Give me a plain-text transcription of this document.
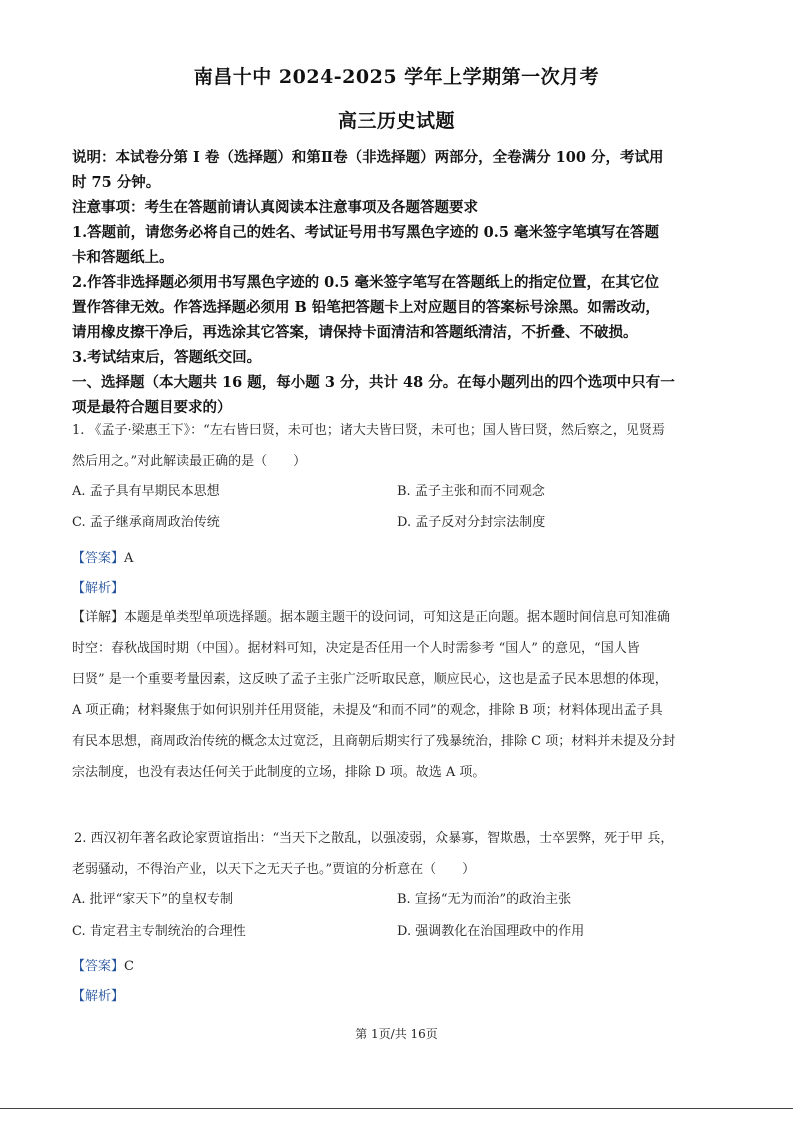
南昌十中 2024-2025 学年上学期第一次月考
高三历史试题
说明：本试卷分第 I 卷（选择题）和第Ⅱ卷（非选择题）两部分，全卷满分 100 分，考试用
时 75 分钟。
注意事项：考生在答题前请认真阅读本注意事项及各题答题要求
1.答题前，请您务必将自己的姓名、考试证号用书写黑色字迹的 0.5 毫米签字笔填写在答题
卡和答题纸上。
2.作答非选择题必须用书写黑色字迹的 0.5 毫米签字笔写在答题纸上的指定位置，在其它位
置作答律无效。作答选择题必须用 B 铅笔把答题卡上对应题目的答案标号涂黑。如需改动，
请用橡皮擦干净后，再选涂其它答案，请保持卡面清洁和答题纸清洁，不折叠、不破损。
3.考试结束后，答题纸交回。
一、选择题（本大题共 16 题，每小题 3 分，共计 48 分。在每小题列出的四个选项中只有一
项是最符合题目要求的）
1. 《孟子·梁惠王下》：“左右皆曰贤，未可也；诸大夫皆曰贤，未可也；国人皆曰贤，然后察之，见贤焉
然后用之。”对此解读最正确的是（　　）
A. 孟子具有早期民本思想	B. 孟子主张和而不同观念
C. 孟子继承商周政治传统	D. 孟子反对分封宗法制度
【答案】A
【解析】
【详解】本题是单类型单项选择题。据本题主题干的设问词，可知这是正向题。据本题时间信息可知准确
时空：春秋战国时期（中国）。据材料可知，决定是否任用一个人时需参考 “国人” 的意见，“国人皆
曰贤” 是一个重要考量因素，这反映了孟子主张广泛听取民意，顺应民心，这也是孟子民本思想的体现，
A 项正确；材料聚焦于如何识别并任用贤能，未提及“和而不同”的观念，排除 B 项；材料体现出孟子具
有民本思想，商周政治传统的概念太过宽泛，且商朝后期实行了残暴统治，排除 C 项；材料并未提及分封
宗法制度，也没有表达任何关于此制度的立场，排除 D 项。故选 A 项。
2. 西汉初年著名政论家贾谊指出：“当天下之散乱，以强凌弱，众暴寡，智欺愚，士卒罢弊，死于甲 兵，
老弱骚动，不得治产业，以天下之无天子也。”贾谊的分析意在（　　）
A. 批评“家天下”的皇权专制	B. 宣扬“无为而治”的政治主张
C. 肯定君主专制统治的合理性	D. 强调教化在治国理政中的作用
【答案】C
【解析】
第 1页/共 16页
